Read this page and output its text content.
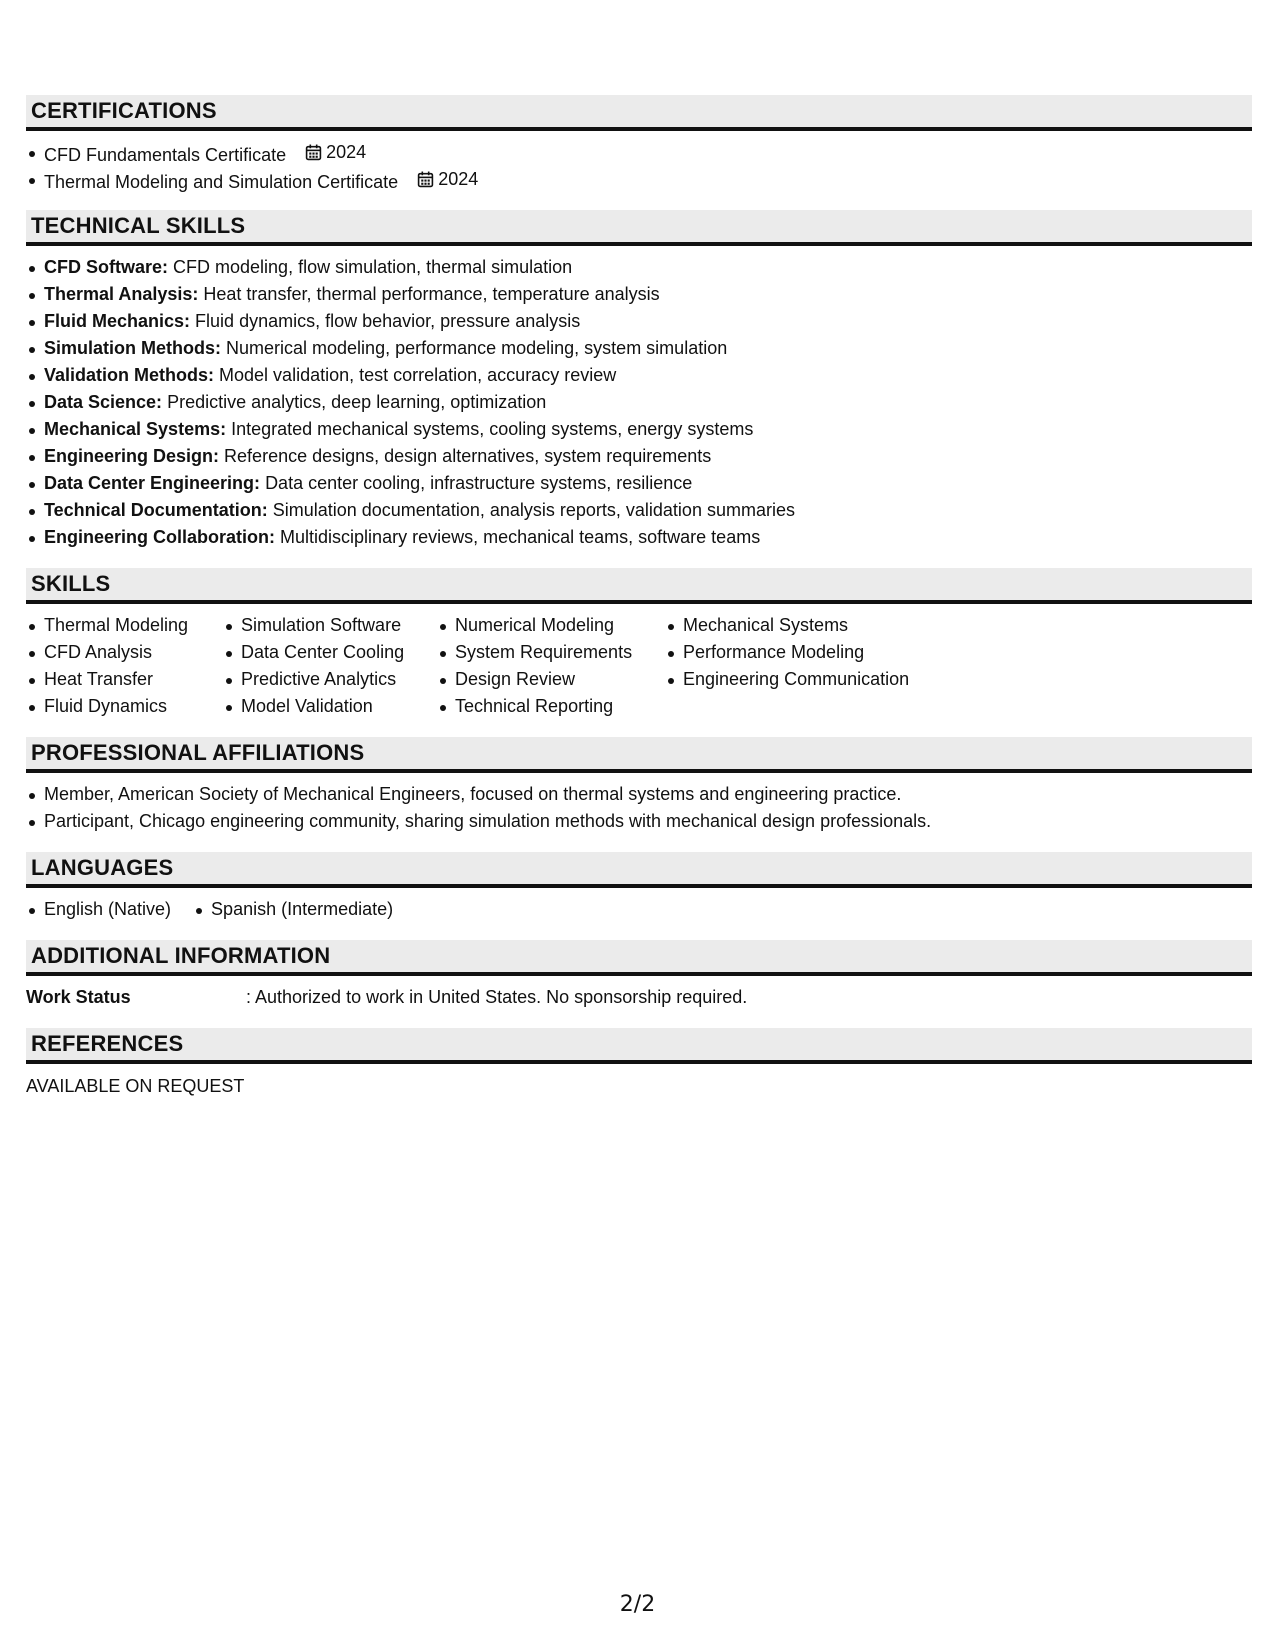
CERTIFICATIONS
CFD Fundamentals Certificate 2024
Thermal Modeling and Simulation Certificate 2024
TECHNICAL SKILLS
CFD Software: CFD modeling, flow simulation, thermal simulation
Thermal Analysis: Heat transfer, thermal performance, temperature analysis
Fluid Mechanics: Fluid dynamics, flow behavior, pressure analysis
Simulation Methods: Numerical modeling, performance modeling, system simulation
Validation Methods: Model validation, test correlation, accuracy review
Data Science: Predictive analytics, deep learning, optimization
Mechanical Systems: Integrated mechanical systems, cooling systems, energy systems
Engineering Design: Reference designs, design alternatives, system requirements
Data Center Engineering: Data center cooling, infrastructure systems, resilience
Technical Documentation: Simulation documentation, analysis reports, validation summaries
Engineering Collaboration: Multidisciplinary reviews, mechanical teams, software teams
SKILLS
Thermal Modeling
CFD Analysis
Heat Transfer
Fluid Dynamics
Simulation Software
Data Center Cooling
Predictive Analytics
Model Validation
Numerical Modeling
System Requirements
Design Review
Technical Reporting
Mechanical Systems
Performance Modeling
Engineering Communication
PROFESSIONAL AFFILIATIONS
Member, American Society of Mechanical Engineers, focused on thermal systems and engineering practice.
Participant, Chicago engineering community, sharing simulation methods with mechanical design professionals.
LANGUAGES
English (Native)	Spanish (Intermediate)
ADDITIONAL INFORMATION
Work Status	: Authorized to work in United States. No sponsorship required.
REFERENCES
AVAILABLE ON REQUEST
2/2
